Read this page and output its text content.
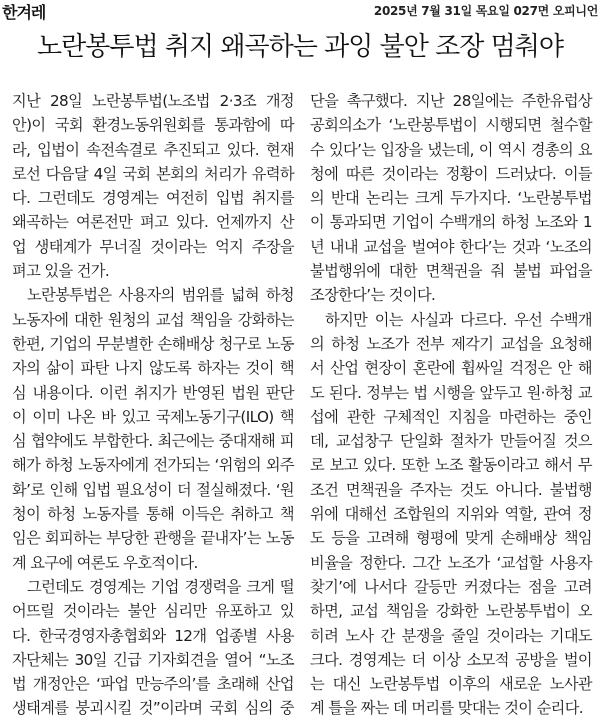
한겨레	2025년 7월 31일 목요일 027면 오피니언
노란봉투법 취지 왜곡하는 과잉 불안 조장 멈춰야
지난 28일 노란봉투법(노조법 2·3조 개정
안)이 국회 환경노동위원회를 통과함에 따
라, 입법이 속전속결로 추진되고 있다. 현재
로선 다음달 4일 국회 본회의 처리가 유력하
다. 그런데도 경영계는 여전히 입법 취지를
왜곡하는 여론전만 펴고 있다. 언제까지 산
업 생태계가 무너질 것이라는 억지 주장을
펴고 있을 건가.
노란봉투법은 사용자의 범위를 넓혀 하청
노동자에 대한 원청의 교섭 책임을 강화하는
한편, 기업의 무분별한 손해배상 청구로 노동
자의 삶이 파탄 나지 않도록 하자는 것이 핵
심 내용이다. 이런 취지가 반영된 법원 판단
이 이미 나온 바 있고 국제노동기구(ILO) 핵
심 협약에도 부합한다. 최근에는 중대재해 피
해가 하청 노동자에게 전가되는 ‘위험의 외주
화’로 인해 입법 필요성이 더 절실해졌다. ‘원
청이 하청 노동자를 통해 이득은 취하고 책
임은 회피하는 부당한 관행을 끝내자’는 노동
계 요구에 여론도 우호적이다.
그런데도 경영계는 기업 경쟁력을 크게 떨
어뜨릴 것이라는 불안 심리만 유포하고 있
다. 한국경영자총협회와 12개 업종별 사용
자단체는 30일 긴급 기자회견을 열어 “노조
법 개정안은 ‘파업 만능주의’를 초래해 산업
생태계를 붕괴시킬 것”이라며 국회 심의 중
단을 촉구했다. 지난 28일에는 주한유럽상
공회의소가 ‘노란봉투법이 시행되면 철수할
수 있다’는 입장을 냈는데, 이 역시 경총의 요
청에 따른 것이라는 정황이 드러났다. 이들
의 반대 논리는 크게 두가지다. ‘노란봉투법
이 통과되면 기업이 수백개의 하청 노조와 1
년 내내 교섭을 벌여야 한다’는 것과 ‘노조의
불법행위에 대한 면책권을 줘 불법 파업을
조장한다’는 것이다.
하지만 이는 사실과 다르다. 우선 수백개
의 하청 노조가 전부 제각기 교섭을 요청해
서 산업 현장이 혼란에 휩싸일 걱정은 안 해
도 된다. 정부는 법 시행을 앞두고 원·하청 교
섭에 관한 구체적인 지침을 마련하는 중인
데, 교섭창구 단일화 절차가 만들어질 것으
로 보고 있다. 또한 노조 활동이라고 해서 무
조건 면책권을 주자는 것도 아니다. 불법행
위에 대해선 조합원의 지위와 역할, 관여 정
도 등을 고려해 형평에 맞게 손해배상 책임
비율을 정한다. 그간 노조가 ‘교섭할 사용자
찾기’에 나서다 갈등만 커졌다는 점을 고려
하면, 교섭 책임을 강화한 노란봉투법이 오
히려 노사 간 분쟁을 줄일 것이라는 기대도
크다. 경영계는 더 이상 소모적 공방을 벌이
는 대신 노란봉투법 이후의 새로운 노사관
계 틀을 짜는 데 머리를 맞대는 것이 순리다.
